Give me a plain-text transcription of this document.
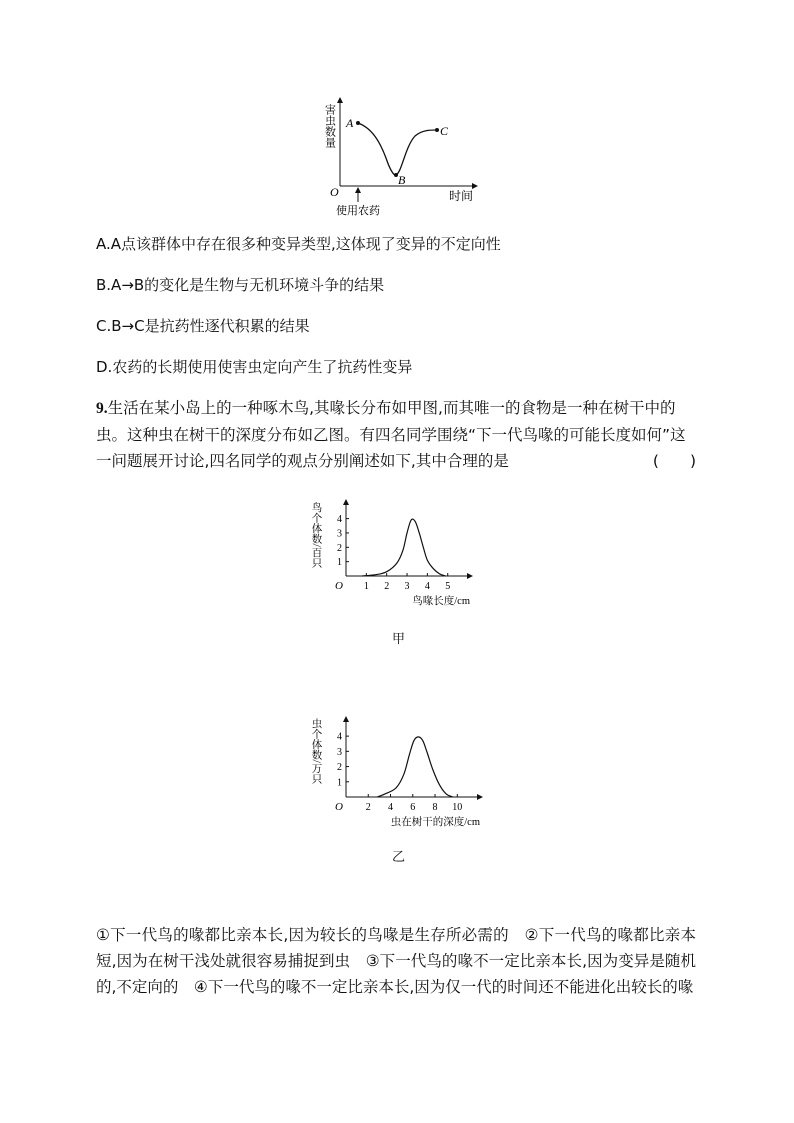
害虫数量
O	时间
A
B
C
使用农药
A.A点该群体中存在很多种变异类型,这体现了变异的不定向性
B.A→B的变化是生物与无机环境斗争的结果
C.B→C是抗药性逐代积累的结果
D.农药的长期使用使害虫定向产生了抗药性变异
9.生活在某小岛上的一种啄木鸟,其喙长分布如甲图,而其唯一的食物是一种在树干中的虫。这种虫在树干的深度分布如乙图。有四名同学围绕“下一代鸟喙的可能长度如何”这一问题展开讨论,四名同学的观点分别阐述如下,其中合理的是	(　　)
1
2
3
4
1 2 3 4 5
O
鸟喙长度/cm
鸟个体数/百只
甲
1
2
3
4
2 4 6 8 10
O
虫在树干的深度/cm
虫个体数/万只
乙
①下一代鸟的喙都比亲本长,因为较长的鸟喙是生存所必需的　②下一代鸟的喙都比亲本短,因为在树干浅处就很容易捕捉到虫　③下一代鸟的喙不一定比亲本长,因为变异是随机的,不定向的　④下一代鸟的喙不一定比亲本长,因为仅一代的时间还不能进化出较长的喙
